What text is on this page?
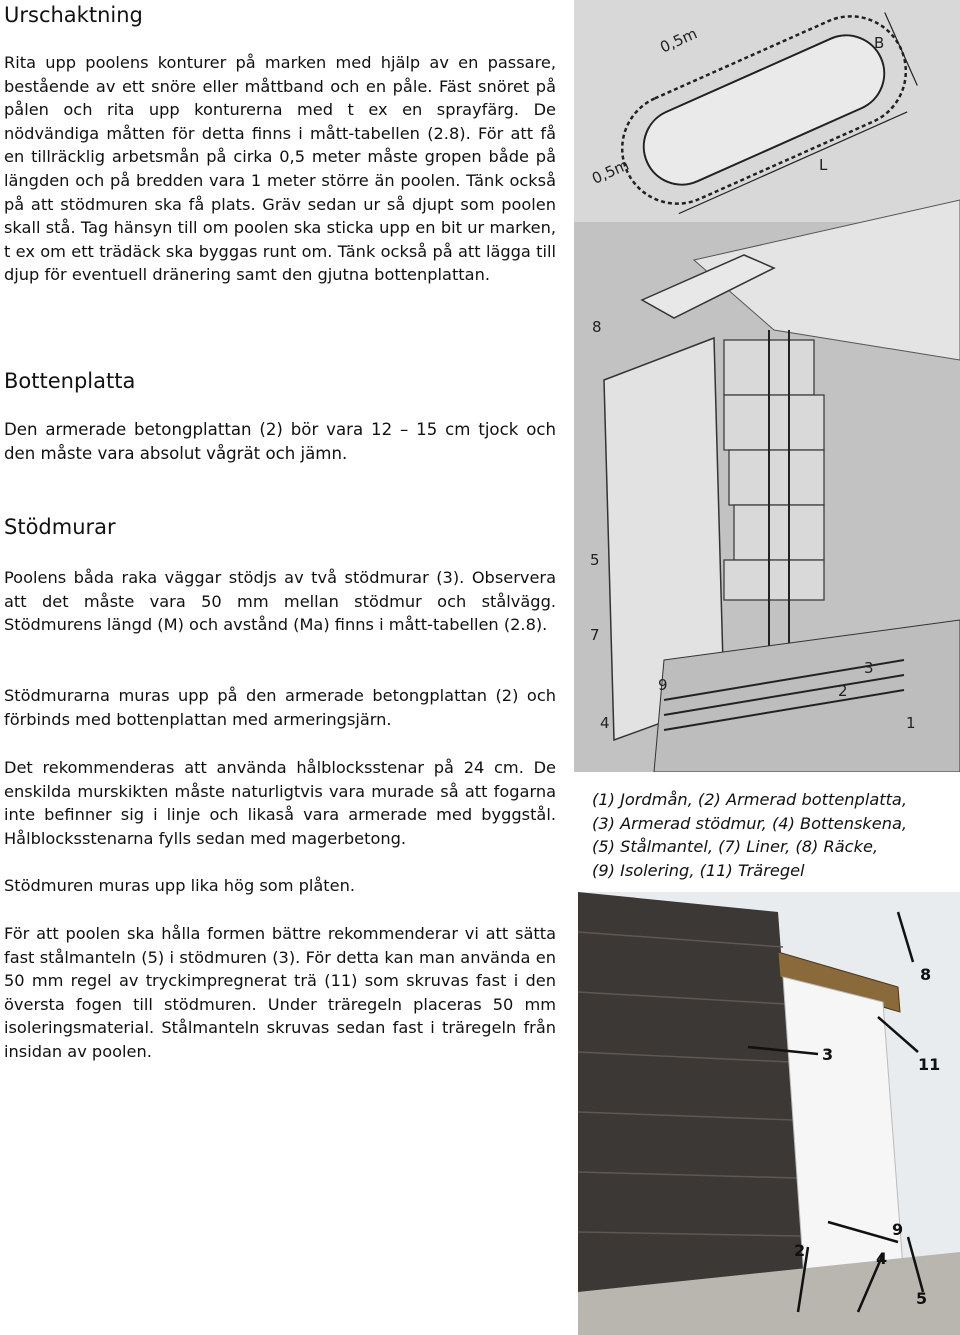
Urschaktning

Rita upp poolens konturer på marken med hjälp av en passare, bestående av ett snöre eller måttband och en påle. Fäst snöret på pålen och rita upp konturerna med t ex en sprayfärg. De nödvändiga måtten för detta finns i mått-tabellen (2.8). För att få en tillräcklig arbetsmån på cirka 0,5 meter måste gropen både på längden och på bredden vara 1 meter större än poolen. Tänk också på att stödmuren ska få plats. Gräv sedan ur så djupt som poolen skall stå. Tag hänsyn till om poolen ska sticka upp en bit ur marken, t ex om ett trädäck ska byggas runt om. Tänk också på att lägga till djup för eventuell dränering samt den gjutna bottenplattan.

Bottenplatta

Den armerade betongplattan (2) bör vara 12 – 15 cm tjock och den måste vara absolut vågrät och jämn.

Stödmurar

Poolens båda raka väggar stödjs av två stödmurar (3). Observera att det måste vara 50 mm mellan stödmur och stålvägg. Stödmurens längd (M) och avstånd (Ma) finns i mått-tabellen (2.8).

Stödmurarna muras upp på den armerade betongplattan (2) och förbinds med bottenplattan med armeringsjärn.

Det rekommenderas att använda hålblocksstenar på 24 cm. De enskilda murskikten måste naturligtvis vara murade så att fogarna inte befinner sig i linje och likaså vara armerade med byggstål. Hålblocksstenarna fylls sedan med magerbetong.

Stödmuren muras upp lika hög som plåten.

För att poolen ska hålla formen bättre rekommenderar vi att sätta fast stålmanteln (5) i stödmuren (3). För detta kan man använda en 50 mm regel av tryckimpregnerat trä (11) som skruvas fast i den översta fogen till stödmuren. Under träregeln placeras 50 mm isoleringsmaterial. Stålmanteln skruvas sedan fast i träregeln från insidan av poolen.

0,5m
0,5m	L
B
8
5
7
9
4
3
2
1
(1) Jordmån, (2) Armerad bottenplatta,
(3) Armerad stödmur, (4) Bottenskena,
(5) Stålmantel, (7) Liner, (8) Räcke,
(9) Isolering, (11) Träregel
8
3
11
9
2	4
5
